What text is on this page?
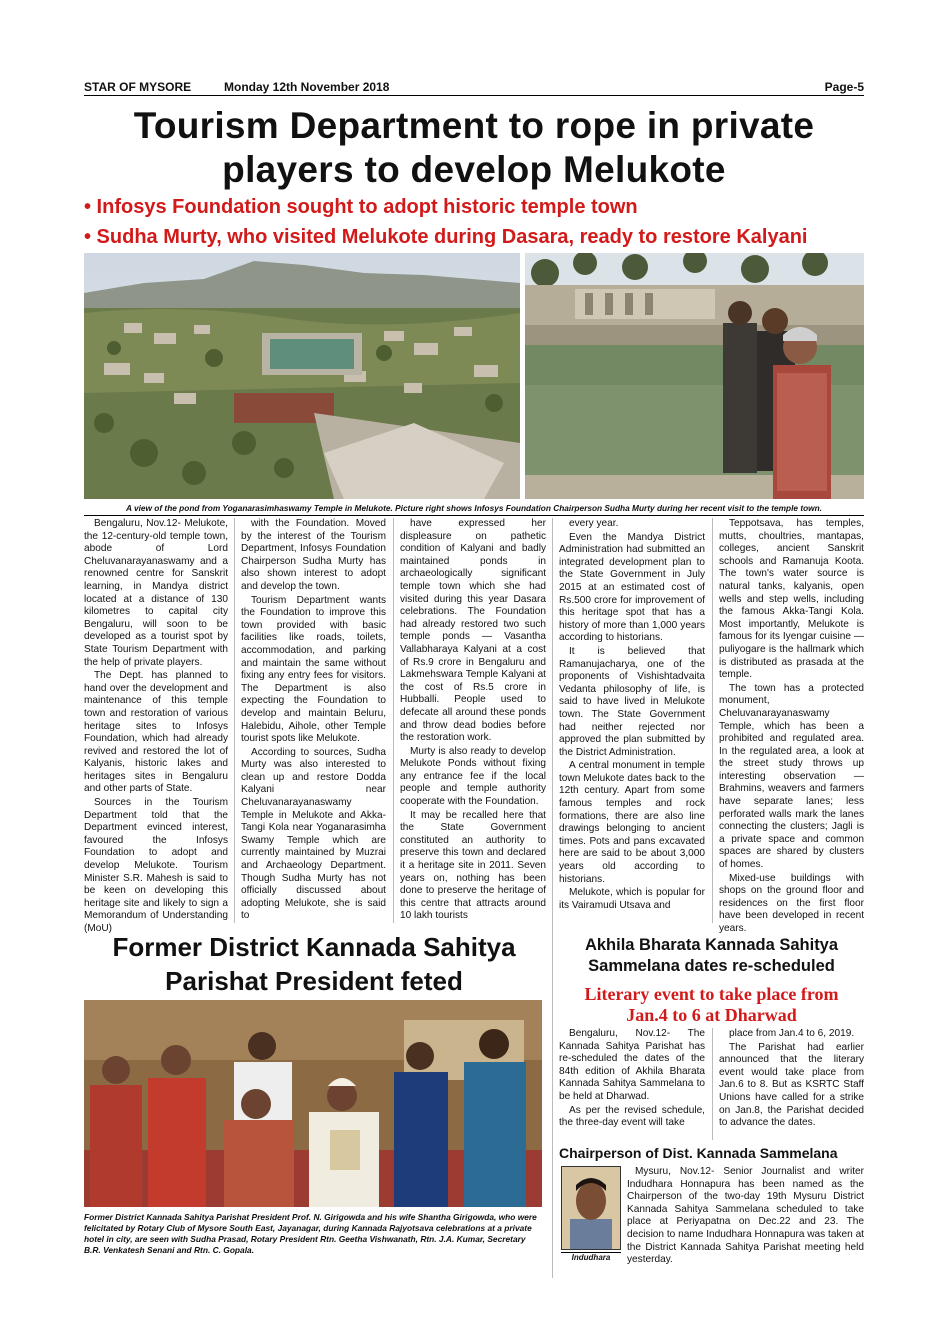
STAR OF MYSORE	Monday 12th November 2018	Page-5
Tourism Department to rope in private
players to develop Melukote
• Infosys Foundation sought to adopt historic temple town
• Sudha Murty, who visited Melukote during Dasara, ready to restore Kalyani
A view of the pond from Yoganarasimhaswamy Temple in Melukote. Picture right shows Infosys Foundation Chairperson Sudha Murty during her recent visit to the temple town.

Bengaluru, Nov.12- Melukote, the 12-century-old temple town, abode of Lord Cheluvanarayanaswamy and a renowned centre for Sanskrit learning, in Mandya district located at a distance of 130 kilometres to capital city Bengaluru, will soon to be developed as a tourist spot by State Tourism Department with the help of private players.

The Dept. has planned to hand over the development and maintenance of this temple town and restoration of various heritage sites to Infosys Foundation, which had already revived and restored the lot of Kalyanis, historic lakes and heritages sites in Bengaluru and other parts of State.

Sources in the Tourism Department told that the Department evinced interest, favoured the Infosys Foundation to adopt and develop Melukote. Tourism Minister S.R. Mahesh is said to be keen on developing this heritage site and likely to sign a Memorandum of Understanding (MoU)

with the Foundation. Moved by the interest of the Tourism Department, Infosys Foundation Chairperson Sudha Murty has also shown interest to adopt and develop the town.

Tourism Department wants the Foundation to improve this town provided with basic facilities like roads, toilets, accommodation, and parking and maintain the same without fixing any entry fees for visitors. The Department is also expecting the Foundation to develop and maintain Beluru, Halebidu, Aihole, other Temple tourist spots like Melukote.

According to sources, Sudha Murty was also interested to clean up and restore Dodda Kalyani near Cheluvanarayanaswamy Temple in Melukote and Akka-Tangi Kola near Yoganarasimha Swamy Temple which are currently maintained by Muzrai and Archaeology Department. Though Sudha Murty has not officially discussed about adopting Melukote, she is said to

have expressed her displeasure on pathetic condition of Kalyani and badly maintained ponds in archaeologically significant temple town which she had visited during this year Dasara celebrations. The Foundation had already restored two such temple ponds — Vasantha Vallabharaya Kalyani at a cost of Rs.9 crore in Bengaluru and Lakmehswara Temple Kalyani at the cost of Rs.5 crore in Hubballi. People used to defecate all around these ponds and throw dead bodies before the restoration work.

Murty is also ready to develop Melukote Ponds without fixing any entrance fee if the local people and temple authority cooperate with the Foundation.

It may be recalled here that the State Government constituted an authority to preserve this town and declared it a heritage site in 2011. Seven years on, nothing has been done to preserve the heritage of this centre that attracts around 10 lakh tourists

every year.

Even the Mandya District Administration had submitted an integrated development plan to the State Government in July 2015 at an estimated cost of Rs.500 crore for improvement of this heritage spot that has a history of more than 1,000 years according to historians.

It is believed that Ramanujacharya, one of the proponents of Vishishtadvaita Vedanta philosophy of life, is said to have lived in Melukote town. The State Government had neither rejected nor approved the plan submitted by the District Administration.

A central monument in temple town Melukote dates back to the 12th century. Apart from some famous temples and rock formations, there are also line drawings belonging to ancient times. Pots and pans excavated here are said to be about 3,000 years old according to historians.

Melukote, which is popular for its Vairamudi Utsava and

Teppotsava, has temples, mutts, choultries, mantapas, colleges, ancient Sanskrit schools and Ramanuja Koota. The town's water source is natural tanks, kalyanis, open wells and step wells, including the famous Akka-Tangi Kola. Most importantly, Melukote is famous for its Iyengar cuisine — puliyogare is the hallmark which is distributed as prasada at the temple.

The town has a protected monument, Cheluvanarayanaswamy Temple, which has been a prohibited and regulated area. In the regulated area, a look at the street study throws up interesting observation — Brahmins, weavers and farmers have separate lanes; less perforated walls mark the lanes connecting the clusters; Jagli is a private space and common spaces are shared by clusters of homes.

Mixed-use buildings with shops on the ground floor and residences on the first floor have been developed in recent years.

Former District Kannada Sahitya
Parishat President feted
Former District Kannada Sahitya Parishat President Prof. N. Girigowda and his wife Shantha Girigowda, who were felicitated by Rotary Club of Mysore South East, Jayanagar, during Kannada Rajyotsava celebrations at a private hotel in city, are seen with Sudha Prasad, Rotary President Rtn. Geetha Vishwanath, Rtn. J.A. Kumar, Secretary B.R. Venkatesh Senani and Rtn. C. Gopala.
Akhila Bharata Kannada Sahitya
Sammelana dates re-scheduled
Literary event to take place from
Jan.4 to 6 at Dharwad

Bengaluru, Nov.12- The Kannada Sahitya Parishat has re-scheduled the dates of the 84th edition of Akhila Bharata Kannada Sahitya Sammelana to be held at Dharwad.

As per the revised schedule, the three-day event will take

place from Jan.4 to 6, 2019.

The Parishat had earlier announced that the literary event would take place from Jan.6 to 8. But as KSRTC Staff Unions have called for a strike on Jan.8, the Parishat decided to advance the dates.

Chairperson of Dist. Kannada Sammelana
Indudhara

Mysuru, Nov.12- Senior Journalist and writer Indudhara Honnapura has been named as the Chairperson of the two-day 19th Mysuru District Kannada Sahitya Sammelana scheduled to take place at Periyapatna on Dec.22 and 23. The decision to name Indudhara Honnapura was taken at the District Kannada Sahitya Parishat meeting held yesterday.
